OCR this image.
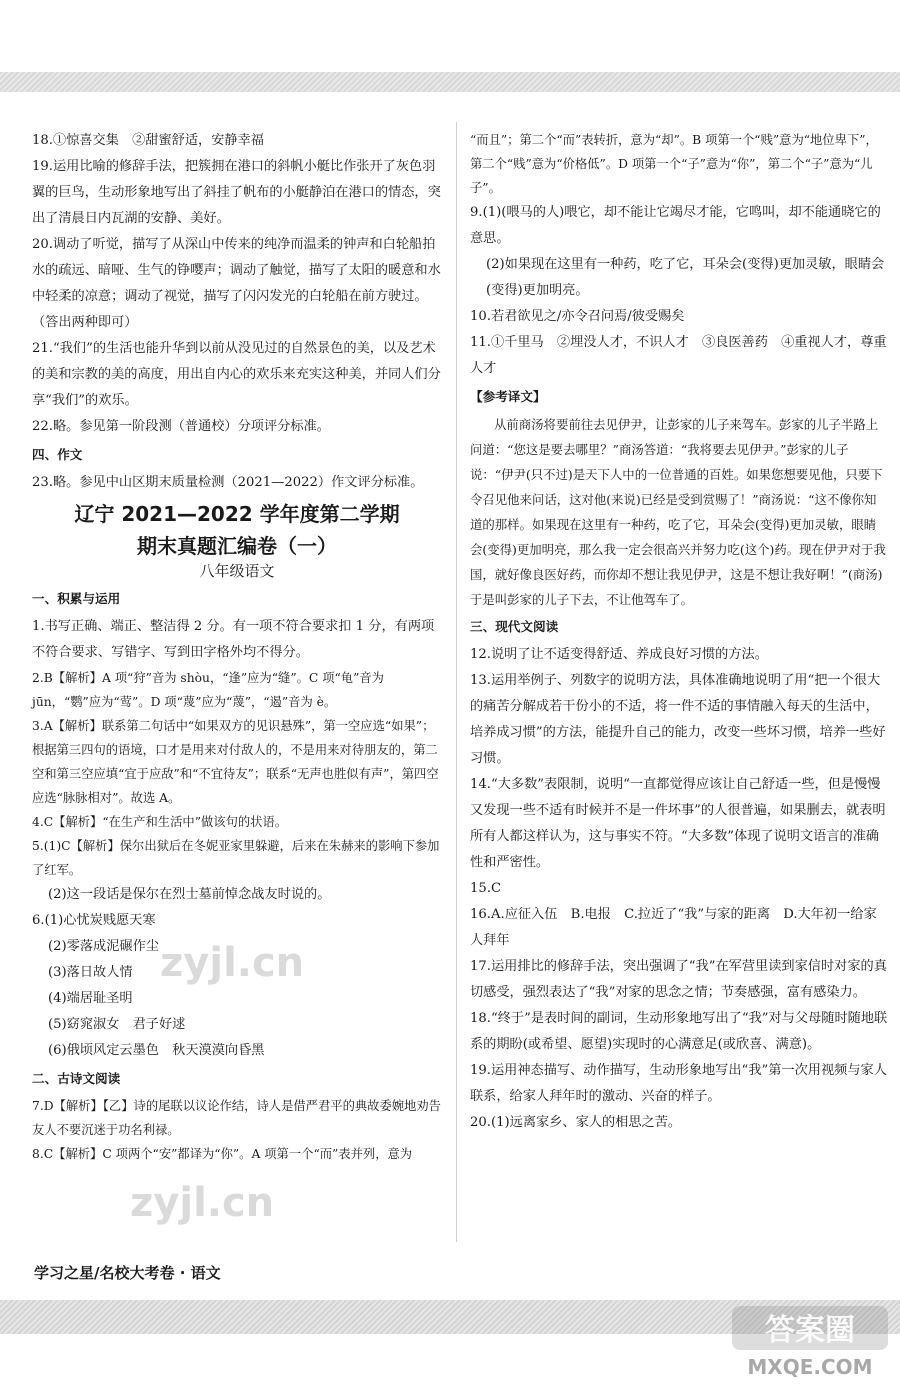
18.①惊喜交集　②甜蜜舒适，安静幸福
19.运用比喻的修辞手法，把簇拥在港口的斜帆小艇比作张开了灰色羽翼的巨鸟，生动形象地写出了斜挂了帆布的小艇静泊在港口的情态，突出了清晨日内瓦湖的安静、美好。
20.调动了听觉，描写了从深山中传来的纯净而温柔的钟声和白轮船拍水的疏远、暗哑、生气的铮嘤声；调动了触觉，描写了太阳的暖意和水中轻柔的凉意；调动了视觉，描写了闪闪发光的白轮船在前方驶过。（答出两种即可）
21.“我们”的生活也能升华到以前从没见过的自然景色的美，以及艺术的美和宗教的美的高度，用出自内心的欢乐来充实这种美，并同人们分享“我们”的欢乐。
22.略。参见第一阶段测（普通校）分项评分标准。
四、作文
23.略。参见中山区期末质量检测（2021—2022）作文评分标准。
辽宁 2021—2022 学年度第二学期
期末真题汇编卷（一）
八年级语文
一、积累与运用
1.书写正确、端正、整洁得 2 分。有一项不符合要求扣 1 分，有两项不符合要求、写错字、写到田字格外均不得分。
2.B【解析】A 项“狩”音为 shòu，“逢”应为“缝”。C 项“龟”音为 jūn，“鹦”应为“莺”。D 项“蔑”应为“蔑”，“遏”音为 è。
3.A【解析】联系第二句话中“如果双方的见识悬殊”，第一空应选“如果”；根据第三四句的语境，口才是用来对付敌人的，不是用来对待朋友的，第二空和第三空应填“宜于应敌”和“不宜待友”；联系“无声也胜似有声”，第四空应选“脉脉相对”。故选 A。
4.C【解析】“在生产和生活中”做该句的状语。
5.(1)C【解析】保尔出狱后在冬妮亚家里躲避，后来在朱赫来的影响下参加了红军。
(2)这一段话是保尔在烈士墓前悼念战友时说的。
6.(1)心忧炭贱愿天寒
(2)零落成泥碾作尘
(3)落日故人情
(4)端居耻圣明
(5)窈窕淑女　君子好逑
(6)俄顷风定云墨色　秋天漠漠向昏黑
二、古诗文阅读
7.D【解析】【乙】诗的尾联以议论作结，诗人是借严君平的典故委婉地劝告友人不要沉迷于功名利禄。
8.C【解析】C 项两个“安”都译为“你”。A 项第一个“而”表并列，意为
“而且”；第二个“而”表转折，意为“却”。B 项第一个“贱”意为“地位卑下”，第二个“贱”意为“价格低”。D 项第一个“子”意为“你”，第二个“子”意为“儿子”。
9.(1)(喂马的人)喂它，却不能让它竭尽才能，它鸣叫，却不能通晓它的意思。
(2)如果现在这里有一种药，吃了它，耳朵会(变得)更加灵敏，眼睛会(变得)更加明亮。
10.若君欲见之/亦令召问焉/彼受赐矣
11.①千里马　②埋没人才，不识人才　③良医善药　④重视人才，尊重人才
【参考译文】
从前商汤将要前往去见伊尹，让彭家的儿子来驾车。彭家的儿子半路上问道：“您这是要去哪里？”商汤答道：“我将要去见伊尹。”彭家的儿子说：“伊尹(只不过)是天下人中的一位普通的百姓。如果您想要见他，只要下令召见他来问话，这对他(来说)已经是受到赏赐了！”商汤说：“这不像你知道的那样。如果现在这里有一种药，吃了它，耳朵会(变得)更加灵敏，眼睛会(变得)更加明亮，那么我一定会很高兴并努力吃(这个)药。现在伊尹对于我国，就好像良医好药，而你却不想让我见伊尹，这是不想让我好啊！”(商汤)于是叫彭家的儿子下去，不让他驾车了。
三、现代文阅读
12.说明了让不适变得舒适、养成良好习惯的方法。
13.运用举例子、列数字的说明方法，具体准确地说明了用“把一个很大的痛苦分解成若干份小的不适，将一件不适的事情融入每天的生活中，培养成习惯”的方法，能提升自己的能力，改变一些坏习惯，培养一些好习惯。
14.“大多数”表限制，说明“一直都觉得应该让自己舒适一些，但是慢慢又发现一些不适有时候并不是一件坏事”的人很普遍，如果删去，就表明所有人都这样认为，这与事实不符。“大多数”体现了说明文语言的准确性和严密性。
15.C
16.A.应征入伍　B.电报　C.拉近了“我”与家的距离　D.大年初一给家人拜年
17.运用排比的修辞手法，突出强调了“我”在军营里读到家信时对家的真切感受，强烈表达了“我”对家的思念之情；节奏感强，富有感染力。
18.“终于”是表时间的副词，生动形象地写出了“我”对与父母随时随地联系的期盼(或希望、愿望)实现时的心满意足(或欣喜、满意)。
19.运用神态描写、动作描写，生动形象地写出“我”第一次用视频与家人联系，给家人拜年时的激动、兴奋的样子。
20.(1)远离家乡、家人的相思之苦。
zyjl.cn
zyjl.cn
学习之星/名校大考卷 · 语文
答案圈
MXQE.COM
